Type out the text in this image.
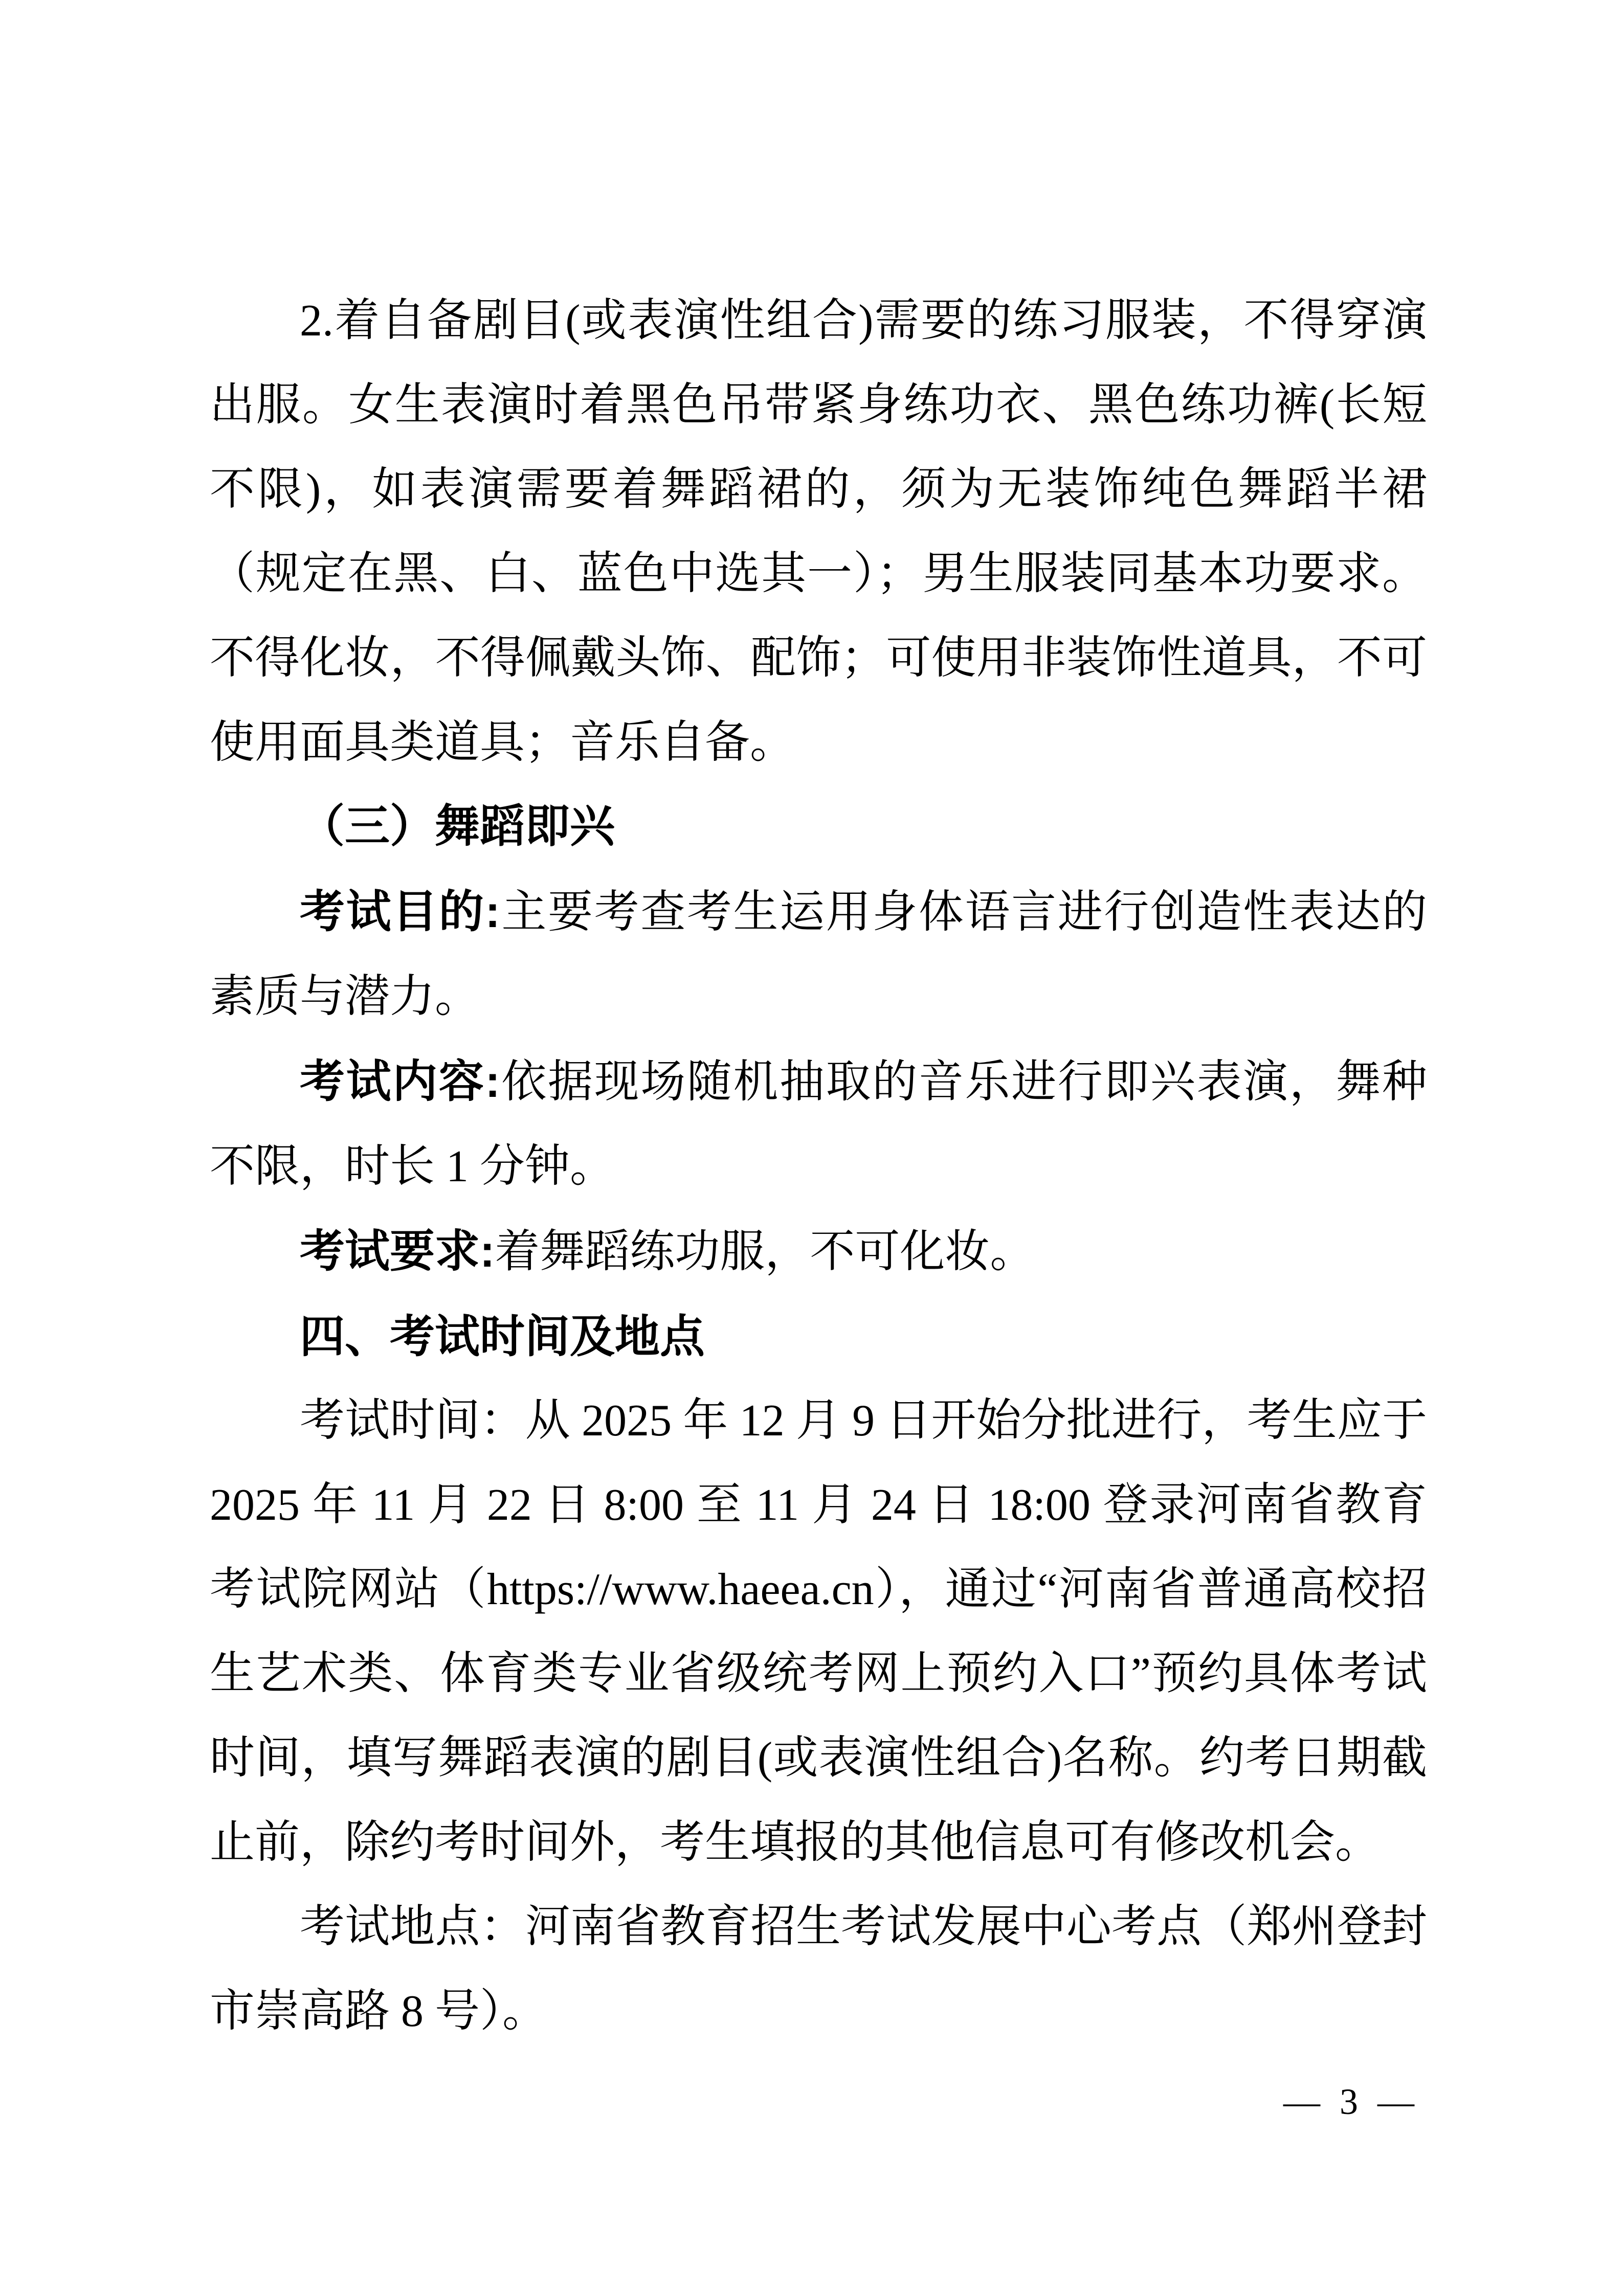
2.着自备剧目(或表演性组合)需要的练习服装，不得穿演出服。女生表演时着黑色吊带紧身练功衣、黑色练功裤(长短不限)，如表演需要着舞蹈裙的，须为无装饰纯色舞蹈半裙（规定在黑、白、蓝色中选其一）；男生服装同基本功要求。不得化妆，不得佩戴头饰、配饰；可使用非装饰性道具，不可使用面具类道具；音乐自备。

（三）舞蹈即兴

考试目的:主要考查考生运用身体语言进行创造性表达的素质与潜力。

考试内容:依据现场随机抽取的音乐进行即兴表演，舞种不限，时长 1 分钟。

考试要求:着舞蹈练功服，不可化妆。

四、考试时间及地点

考试时间：从 2025 年 12 月 9 日开始分批进行，考生应于 2025 年 11 月 22 日 8:00 至 11 月 24 日 18:00 登录河南省教育考试院网站（https://www.haeea.cn），通过“河南省普通高校招生艺术类、体育类专业省级统考网上预约入口”预约具体考试时间，填写舞蹈表演的剧目(或表演性组合)名称。约考日期截止前，除约考时间外，考生填报的其他信息可有修改机会。

考试地点：河南省教育招生考试发展中心考点（郑州登封市崇高路 8 号）。

— 3 —
